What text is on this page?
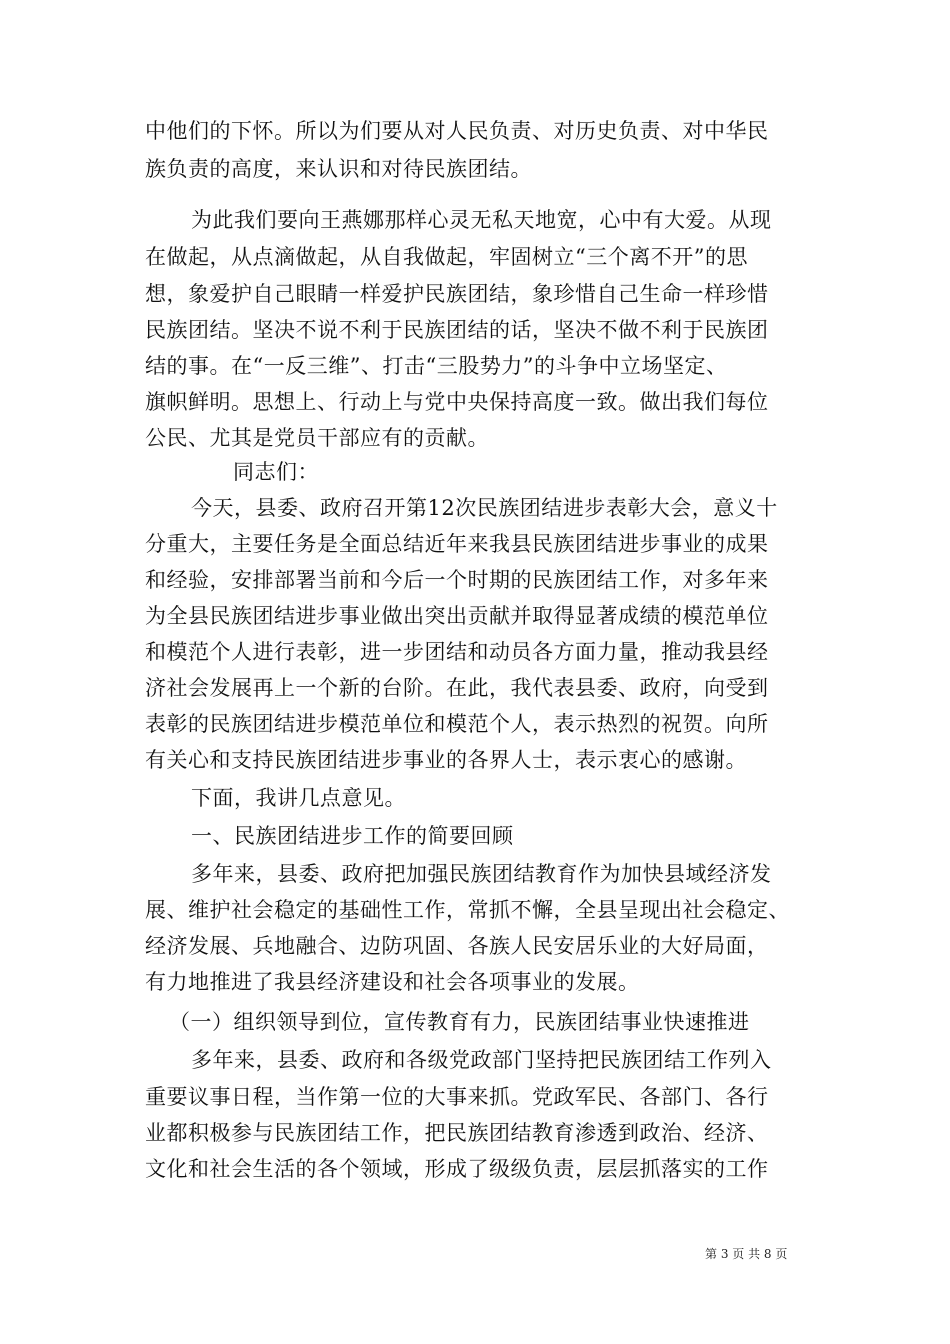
中他们的下怀。所以为们要从对人民负责、对历史负责、对中华民
族负责的高度，来认识和对待民族团结。
为此我们要向王燕娜那样心灵无私天地宽，心中有大爱。从现
在做起，从点滴做起，从自我做起，牢固树立“三个离不开”的思
想，象爱护自己眼睛一样爱护民族团结，象珍惜自己生命一样珍惜
民族团结。坚决不说不利于民族团结的话，坚决不做不利于民族团
结的事。在“一反三维”、打击“三股势力”的斗争中立场坚定、
旗帜鲜明。思想上、行动上与党中央保持高度一致。做出我们每位
公民、尤其是党员干部应有的贡献。
同志们：
今天，县委、政府召开第12次民族团结进步表彰大会，意义十
分重大，主要任务是全面总结近年来我县民族团结进步事业的成果
和经验，安排部署当前和今后一个时期的民族团结工作，对多年来
为全县民族团结进步事业做出突出贡献并取得显著成绩的模范单位
和模范个人进行表彰，进一步团结和动员各方面力量，推动我县经
济社会发展再上一个新的台阶。在此，我代表县委、政府，向受到
表彰的民族团结进步模范单位和模范个人，表示热烈的祝贺。向所
有关心和支持民族团结进步事业的各界人士，表示衷心的感谢。
下面，我讲几点意见。
一、民族团结进步工作的简要回顾
多年来，县委、政府把加强民族团结教育作为加快县域经济发
展、维护社会稳定的基础性工作，常抓不懈，全县呈现出社会稳定、
经济发展、兵地融合、边防巩固、各族人民安居乐业的大好局面，
有力地推进了我县经济建设和社会各项事业的发展。
（一）组织领导到位，宣传教育有力，民族团结事业快速推进
多年来，县委、政府和各级党政部门坚持把民族团结工作列入
重要议事日程，当作第一位的大事来抓。党政军民、各部门、各行
业都积极参与民族团结工作，把民族团结教育渗透到政治、经济、
文化和社会生活的各个领域，形成了级级负责，层层抓落实的工作
第 3 页 共 8 页
